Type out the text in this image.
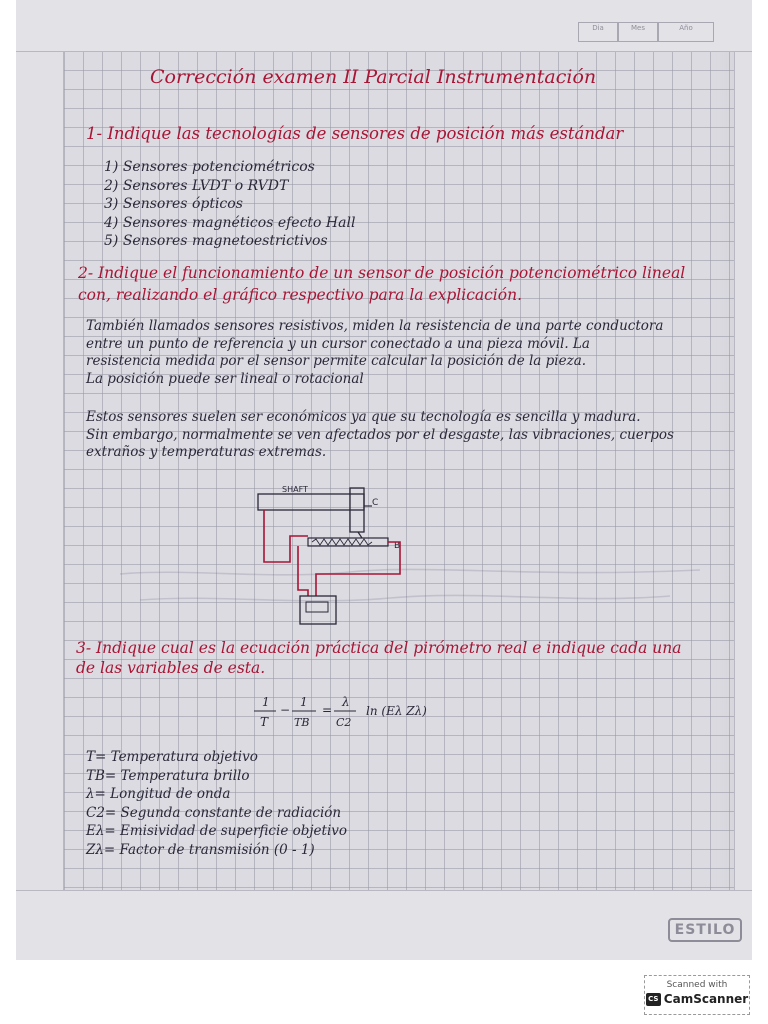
Dia	Mes	Año
ESTILO
Corrección examen II Parcial Instrumentación
1- Indique las tecnologías de sensores de posición más estándar
1) Sensores potenciométricos
2) Sensores LVDT o RVDT
3) Sensores ópticos
4) Sensores magnéticos efecto Hall
5) Sensores magnetoestrictivos
2- Indique el funcionamiento de un sensor de posición potenciométrico lineal
con, realizando el gráfico respectivo para la explicación.
También llamados sensores resistivos, miden la resistencia de una parte conductora
entre un punto de referencia y un cursor conectado a una pieza móvil. La
resistencia medida por el sensor permite calcular la posición de la pieza.
La posición puede ser lineal o rotacional
Estos sensores suelen ser económicos ya que su tecnología es sencilla y madura.
Sin embargo, normalmente se ven afectados por el desgaste, las vibraciones, cuerpos
extraños y temperaturas extremas.
SHAFT
C
B
3- Indique cual es la ecuación práctica del pirómetro real e indique cada una
de las variables de esta.
1
T
−
1
TB
=
λ
C2
ln (Eλ Zλ)
T= Temperatura objetivo
TB= Temperatura brillo
λ= Longitud de onda
C2= Segunda constante de radiación
Eλ= Emisividad de superficie objetivo
Zλ= Factor de transmisión (0 - 1)
Scanned with
CS CamScanner
